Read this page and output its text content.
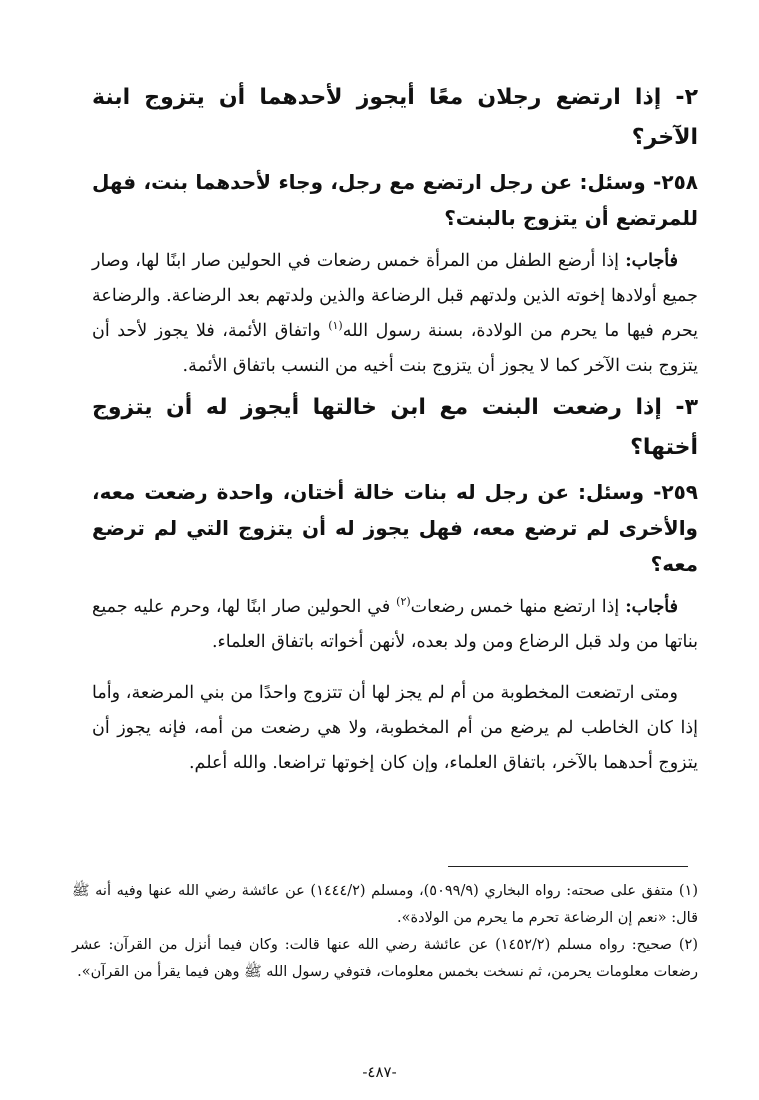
٢- إذا ارتضع رجلان معًا أيجوز لأحدهما أن يتزوج ابنة الآخر؟
٢٥٨- وسئل: عن رجل ارتضع مع رجل، وجاء لأحدهما بنت، فهل للمرتضع أن يتزوج بالبنت؟

فأجاب: إذا أرضع الطفل من المرأة خمس رضعات في الحولين صار ابنًا لها، وصار جميع أولادها إخوته الذين ولدتهم قبل الرضاعة والذين ولدتهم بعد الرضاعة. والرضاعة يحرم فيها ما يحرم من الولادة، بسنة رسول الله$^{(١)}$ واتفاق الأئمة، فلا يجوز لأحد أن يتزوج بنت الآخر كما لا يجوز أن يتزوج بنت أخيه من النسب باتفاق الأئمة.

٣- إذا رضعت البنت مع ابن خالتها أيجوز له أن يتزوج أختها؟
٢٥٩- وسئل: عن رجل له بنات خالة أختان، واحدة رضعت معه، والأخرى لم ترضع معه، فهل يجوز له أن يتزوج التي لم ترضع معه؟

فأجاب: إذا ارتضع منها خمس رضعات$^{(٢)}$ في الحولين صار ابنًا لها، وحرم عليه جميع بناتها من ولد قبل الرضاع ومن ولد بعده، لأنهن أخواته باتفاق العلماء.

ومتى ارتضعت المخطوبة من أم لم يجز لها أن تتزوج واحدًا من بني المرضعة، وأما إذا كان الخاطب لم يرضع من أم المخطوبة، ولا هي رضعت من أمه، فإنه يجوز أن يتزوج أحدهما بالآخر، باتفاق العلماء، وإن كان إخوتها تراضعا. والله أعلم.

(١) متفق على صحته: رواه البخاري (٥٠٩٩/٩)، ومسلم (١٤٤٤/٢) عن عائشة رضي الله عنها وفيه أنه ﷺ قال: «نعم إن الرضاعة تحرم ما يحرم من الولادة».

(٢) صحيح: رواه مسلم (١٤٥٢/٢) عن عائشة رضي الله عنها قالت: وكان فيما أنزل من القرآن: عشر رضعات معلومات يحرمن، ثم نسخت بخمس معلومات، فتوفي رسول الله ﷺ وهن فيما يقرأ من القرآن».

-٤٨٧-
